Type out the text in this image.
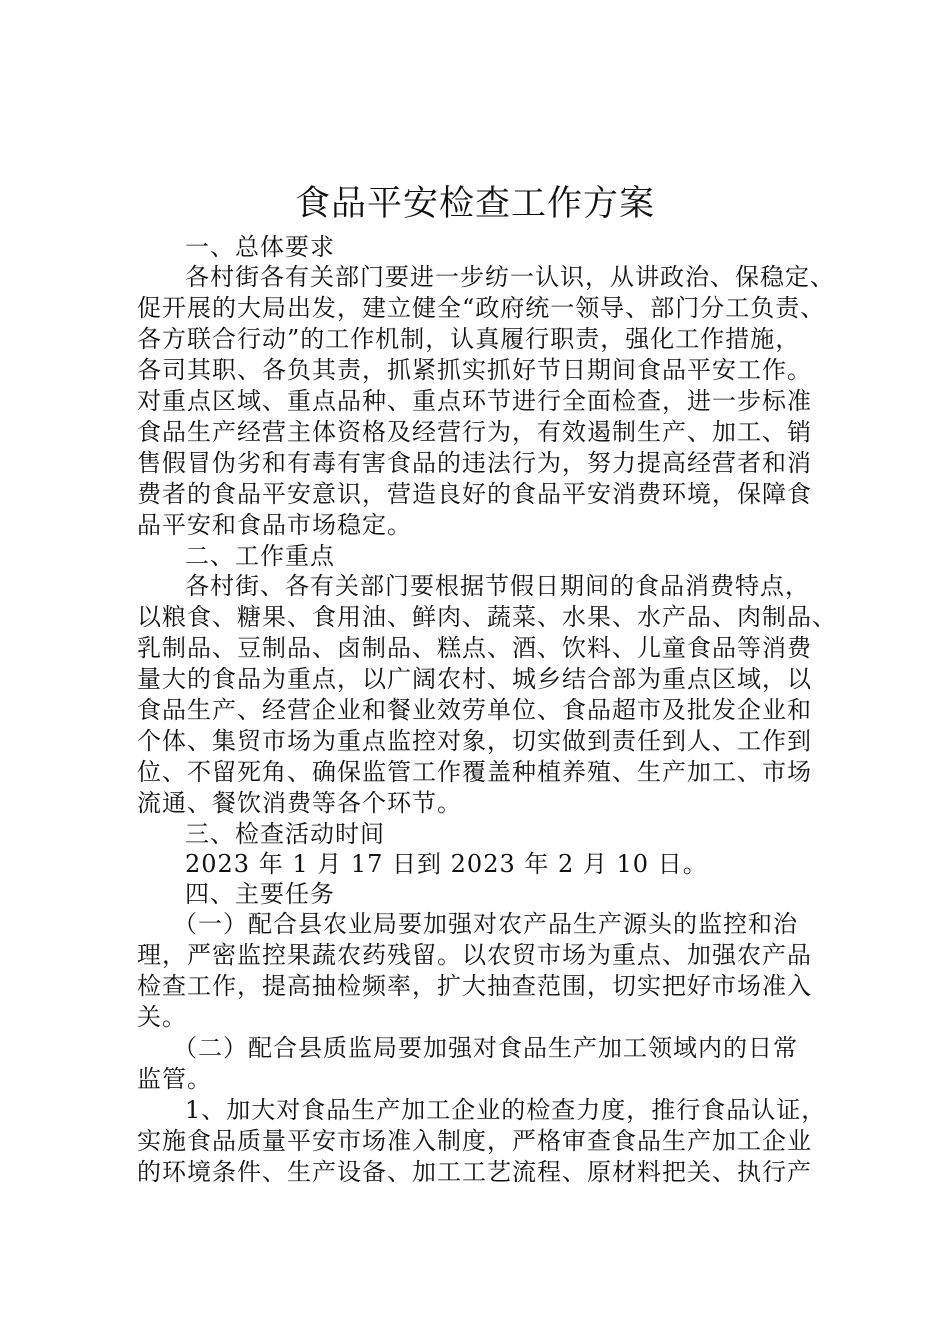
食品平安检查工作方案
一、总体要求
各村街各有关部门要进一步纺一认识，从讲政治、保稳定、
促开展的大局出发，建立健全“政府统一领导、部门分工负责、
各方联合行动”的工作机制，认真履行职责，强化工作措施，
各司其职、各负其责，抓紧抓实抓好节日期间食品平安工作。
对重点区域、重点品种、重点环节进行全面检查，进一步标准
食品生产经营主体资格及经营行为，有效遏制生产、加工、销
售假冒伪劣和有毒有害食品的违法行为，努力提高经营者和消
费者的食品平安意识，营造良好的食品平安消费环境，保障食
品平安和食品市场稳定。
二、工作重点
各村街、各有关部门要根据节假日期间的食品消费特点，
以粮食、糖果、食用油、鲜肉、蔬菜、水果、水产品、肉制品、
乳制品、豆制品、卤制品、糕点、酒、饮料、儿童食品等消费
量大的食品为重点，以广阔农村、城乡结合部为重点区域，以
食品生产、经营企业和餐业效劳单位、食品超市及批发企业和
个体、集贸市场为重点监控对象，切实做到责任到人、工作到
位、不留死角、确保监管工作覆盖种植养殖、生产加工、市场
流通、餐饮消费等各个环节。
三、检查活动时间
2023 年 1 月 17 日到 2023 年 2 月 10 日。
四、主要任务
（一）配合县农业局要加强对农产品生产源头的监控和治
理，严密监控果蔬农药残留。以农贸市场为重点、加强农产品
检查工作，提高抽检频率，扩大抽查范围，切实把好市场准入
关。
（二）配合县质监局要加强对食品生产加工领域内的日常
监管。
1、加大对食品生产加工企业的检查力度，推行食品认证，
实施食品质量平安市场准入制度，严格审查食品生产加工企业
的环境条件、生产设备、加工工艺流程、原材料把关、执行产
